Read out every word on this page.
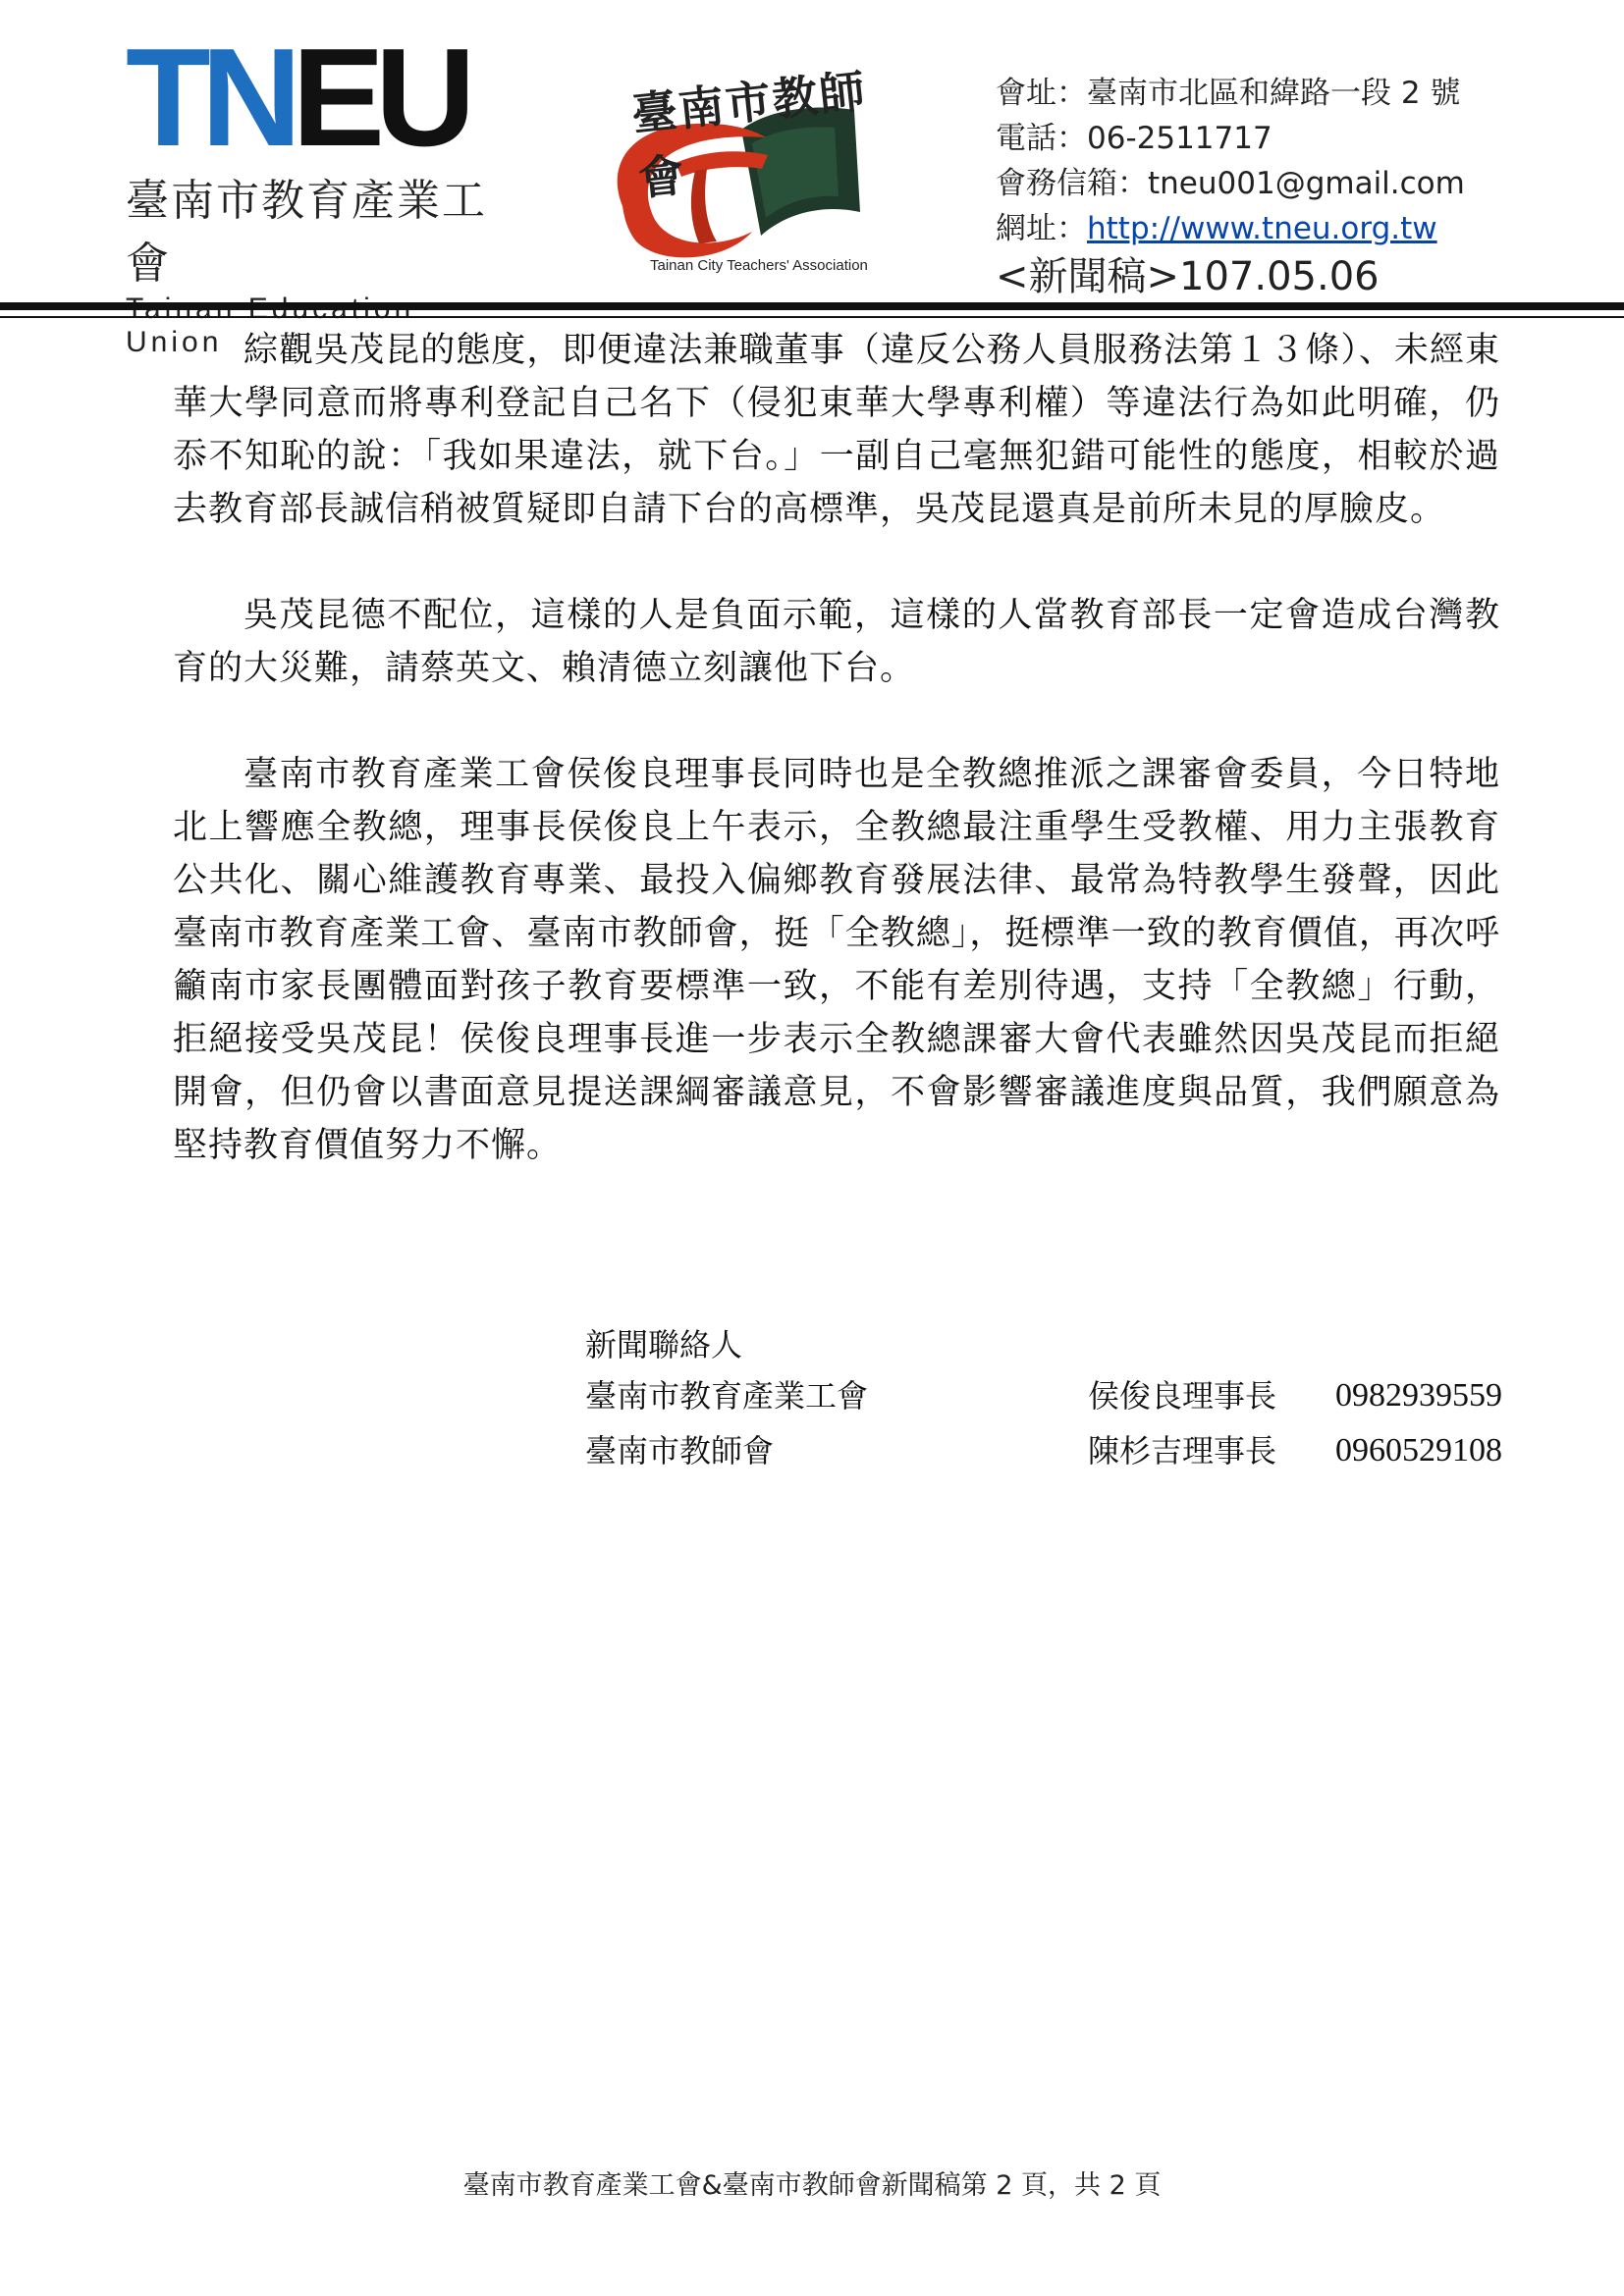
TNEU
臺南市教育產業工會
Union
臺南市教師會
Tainan City Teachers' Association
會址：臺南市北區和緯路一段 2 號
電話：06-2511717
會務信箱：tneu001@gmail.com
網址：http://www.tneu.org.tw
<新聞稿>107.05.06

綜觀吳茂昆的態度，即便違法兼職董事（違反公務人員服務法第１３條）、未經東華大學同意而將專利登記自己名下（侵犯東華大學專利權）等違法行為如此明確，仍忝不知恥的說：「我如果違法，就下台。」一副自己毫無犯錯可能性的態度，相較於過去教育部長誠信稍被質疑即自請下台的高標準，吳茂昆還真是前所未見的厚臉皮。

吳茂昆德不配位，這樣的人是負面示範，這樣的人當教育部長一定會造成台灣教育的大災難，請蔡英文、賴清德立刻讓他下台。

臺南市教育產業工會侯俊良理事長同時也是全教總推派之課審會委員，今日特地北上響應全教總，理事長侯俊良上午表示，全教總最注重學生受教權、用力主張教育公共化、關心維護教育專業、最投入偏鄉教育發展法律、最常為特教學生發聲，因此臺南市教育產業工會、臺南市教師會，挺「全教總」，挺標準一致的教育價值，再次呼籲南市家長團體面對孩子教育要標準一致，不能有差別待遇，支持「全教總」行動，拒絕接受吳茂昆！侯俊良理事長進一步表示全教總課審大會代表雖然因吳茂昆而拒絕開會，但仍會以書面意見提送課綱審議意見，不會影響審議進度與品質，我們願意為堅持教育價值努力不懈。

新聞聯絡人
臺南市教育產業工會	侯俊良理事長	0982939559
臺南市教師會	陳杉吉理事長	0960529108
臺南市教育產業工會&臺南市教師會新聞稿第 2 頁，共 2 頁
